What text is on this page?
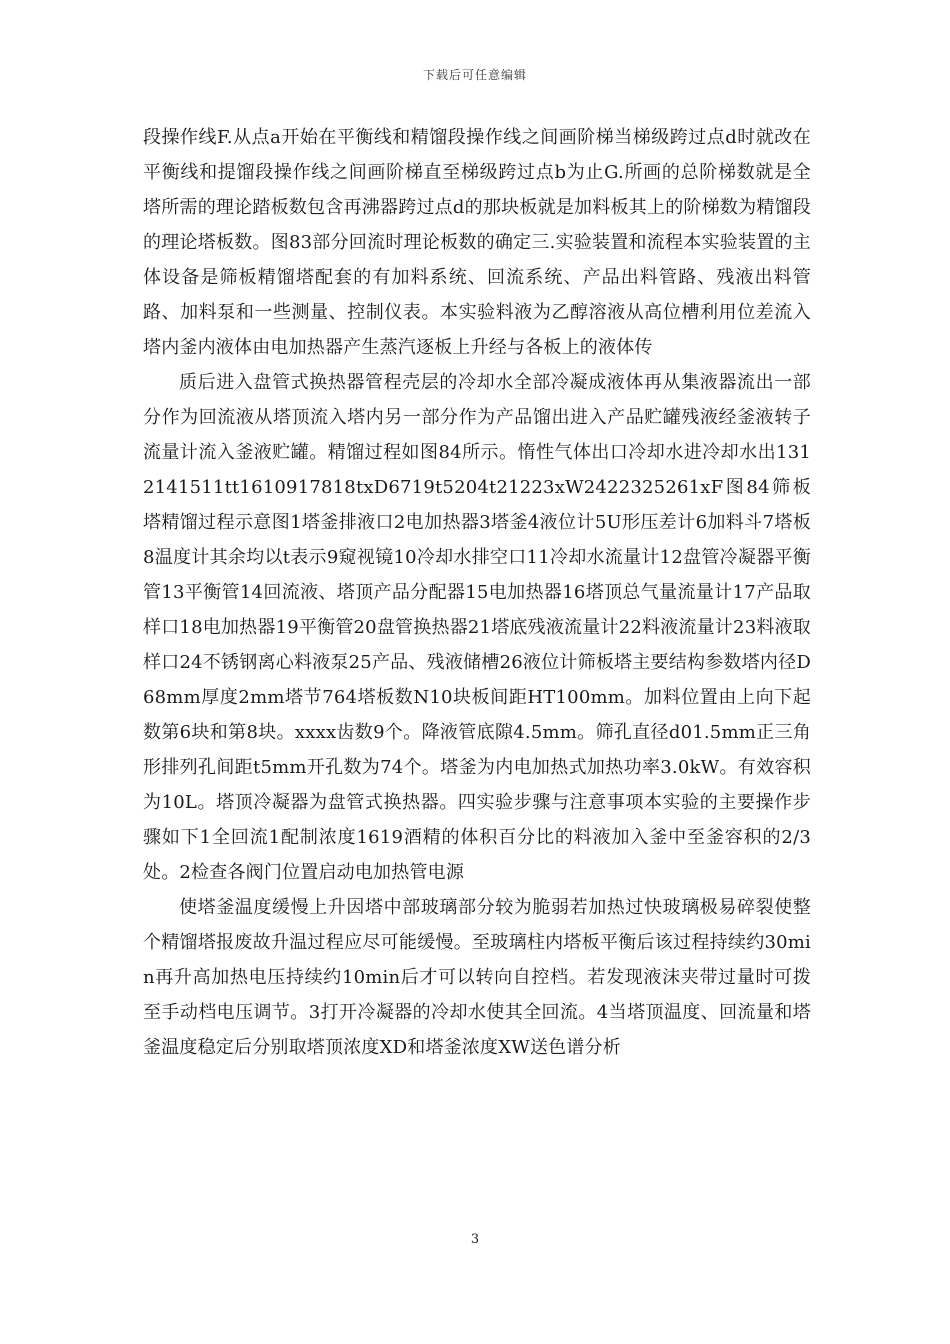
下载后可任意编辑

段操作线F.从点a开始在平衡线和精馏段操作线之间画阶梯当梯级跨过点d时就改在平衡线和提馏段操作线之间画阶梯直至梯级跨过点b为止G.所画的总阶梯数就是全塔所需的理论踏板数包含再沸器跨过点d的那块板就是加料板其上的阶梯数为精馏段的理论塔板数。图83部分回流时理论板数的确定三.实验装置和流程本实验装置的主体设备是筛板精馏塔配套的有加料系统、回流系统、产品出料管路、残液出料管路、加料泵和一些测量、控制仪表。本实验料液为乙醇溶液从高位槽利用位差流入塔内釜内液体由电加热器产生蒸汽逐板上升经与各板上的液体传

质后进入盘管式换热器管程壳层的冷却水全部冷凝成液体再从集液器流出一部分作为回流液从塔顶流入塔内另一部分作为产品馏出进入产品贮罐残液经釜液转子流量计流入釜液贮罐。精馏过程如图84所示。惰性气体出口冷却水进冷却水出1312141511tt1610917818txD6719t5204t21223xW2422325261xF图84筛板塔精馏过程示意图1塔釜排液口2电加热器3塔釜4液位计5U形压差计6加料斗7塔板8温度计其余均以t表示9窥视镜10冷却水排空口11冷却水流量计12盘管冷凝器平衡管13平衡管14回流液、塔顶产品分配器15电加热器16塔顶总气量流量计17产品取样口18电加热器19平衡管20盘管换热器21塔底残液流量计22料液流量计23料液取样口24不锈钢离心料液泵25产品、残液储槽26液位计筛板塔主要结构参数塔内径D68mm厚度2mm塔节764塔板数N10块板间距HT100mm。加料位置由上向下起数第6块和第8块。xxxx齿数9个。降液管底隙4.5mm。筛孔直径d01.5mm正三角形排列孔间距t5mm开孔数为74个。塔釜为内电加热式加热功率3.0kW。有效容积为10L。塔顶冷凝器为盘管式换热器。四实验步骤与注意事项本实验的主要操作步骤如下1全回流1配制浓度1619酒精的体积百分比的料液加入釜中至釜容积的2/3处。2检查各阀门位置启动电加热管电源

使塔釜温度缓慢上升因塔中部玻璃部分较为脆弱若加热过快玻璃极易碎裂使整个精馏塔报废故升温过程应尽可能缓慢。至玻璃柱内塔板平衡后该过程持续约30min再升高加热电压持续约10min后才可以转向自控档。若发现液沫夹带过量时可拨至手动档电压调节。3打开冷凝器的冷却水使其全回流。4当塔顶温度、回流量和塔釜温度稳定后分别取塔顶浓度XD和塔釜浓度XW送色谱分析

3
